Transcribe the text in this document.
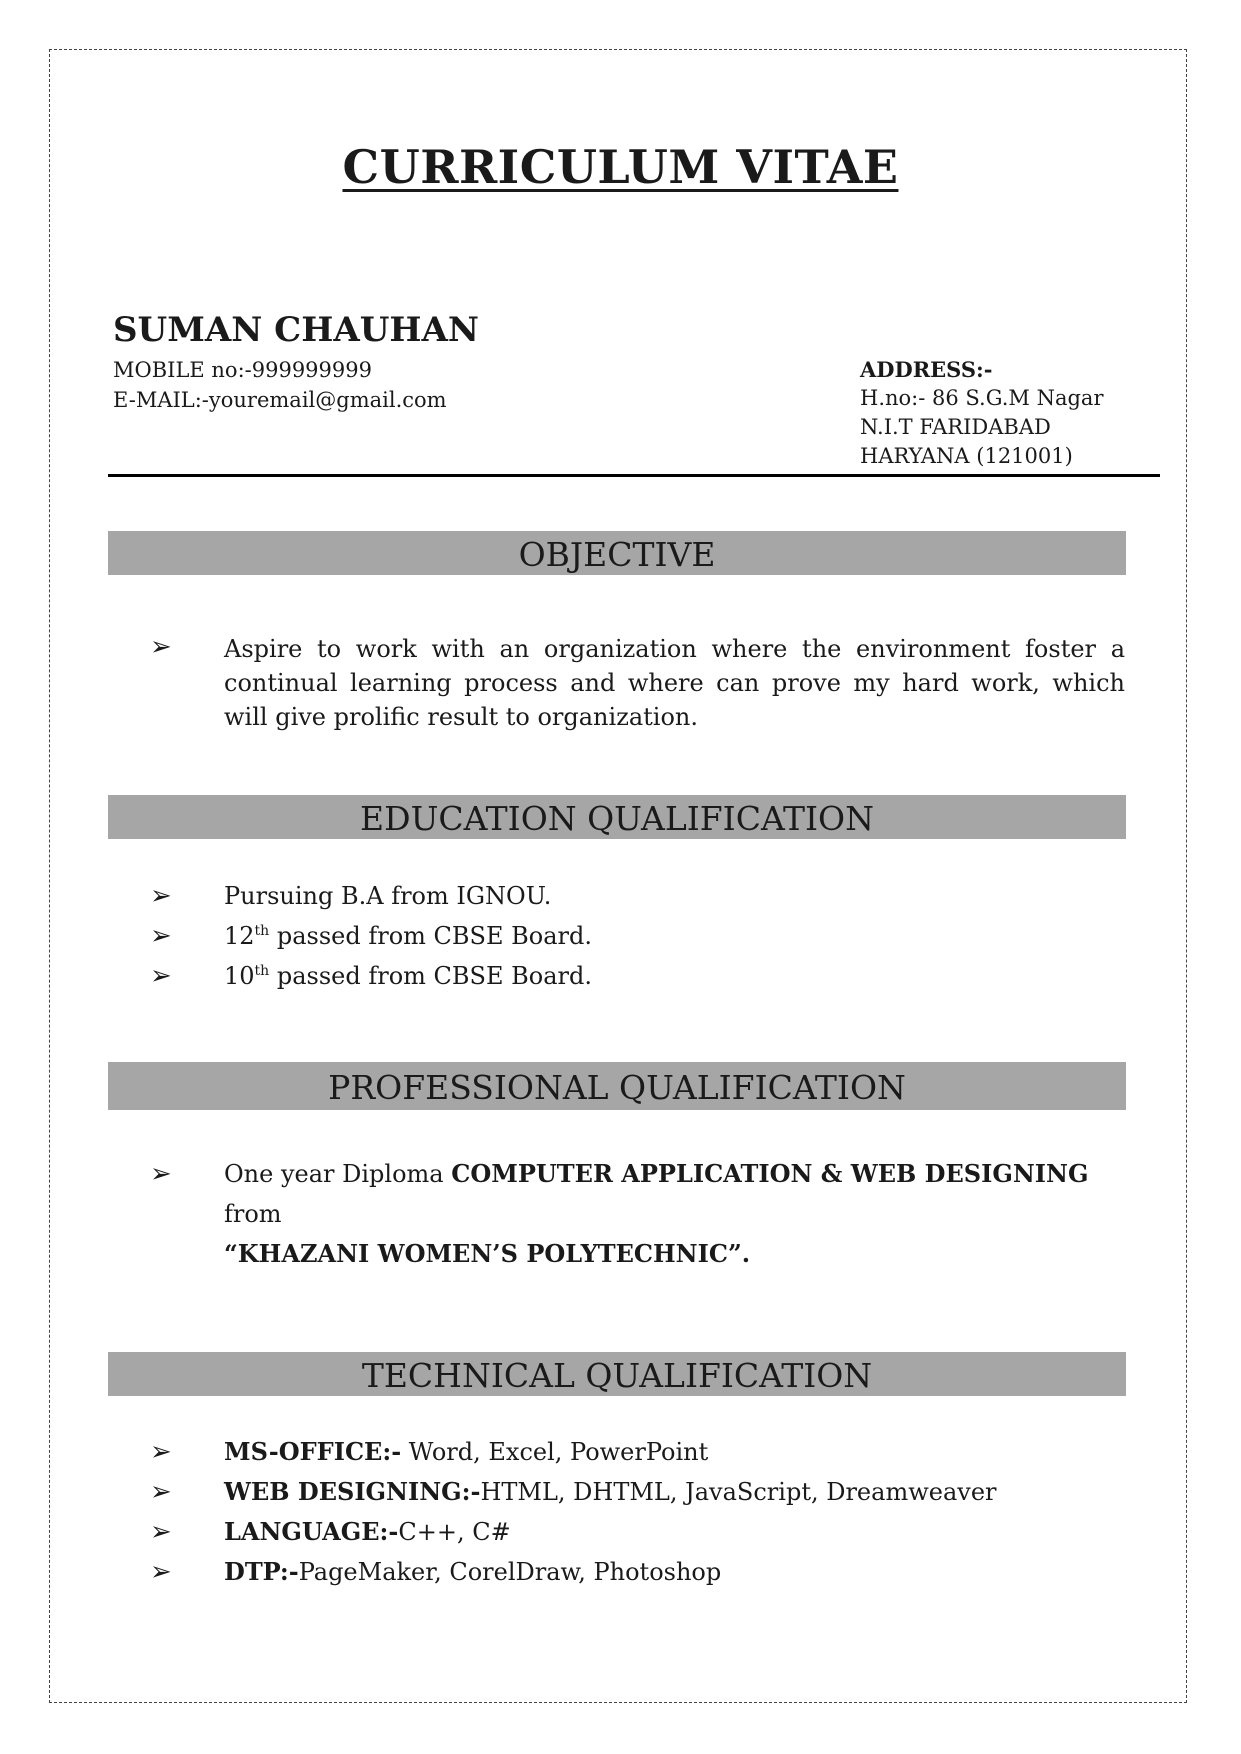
CURRICULUM VITAE
SUMAN CHAUHAN
MOBILE no:-999999999
E-MAIL:-youremail@gmail.com
ADDRESS:-
H.no:- 86 S.G.M Nagar
N.I.T FARIDABAD
HARYANA (121001)
OBJECTIVE
➢ Aspire to work with an organization where the environment foster a continual learning process and where can prove my hard work, which will give prolific result to organization.
EDUCATION QUALIFICATION
➢ Pursuing B.A from IGNOU.
➢ 12th passed from CBSE Board.
➢ 10th passed from CBSE Board.
PROFESSIONAL QUALIFICATION
➢ One year Diploma COMPUTER APPLICATION & WEB DESIGNING from
“KHAZANI WOMEN’S POLYTECHNIC”.
TECHNICAL QUALIFICATION
➢ MS-OFFICE:- Word, Excel, PowerPoint
➢ WEB DESIGNING:-HTML, DHTML, JavaScript, Dreamweaver
➢ LANGUAGE:-C++, C#
➢ DTP:-PageMaker, CorelDraw, Photoshop
